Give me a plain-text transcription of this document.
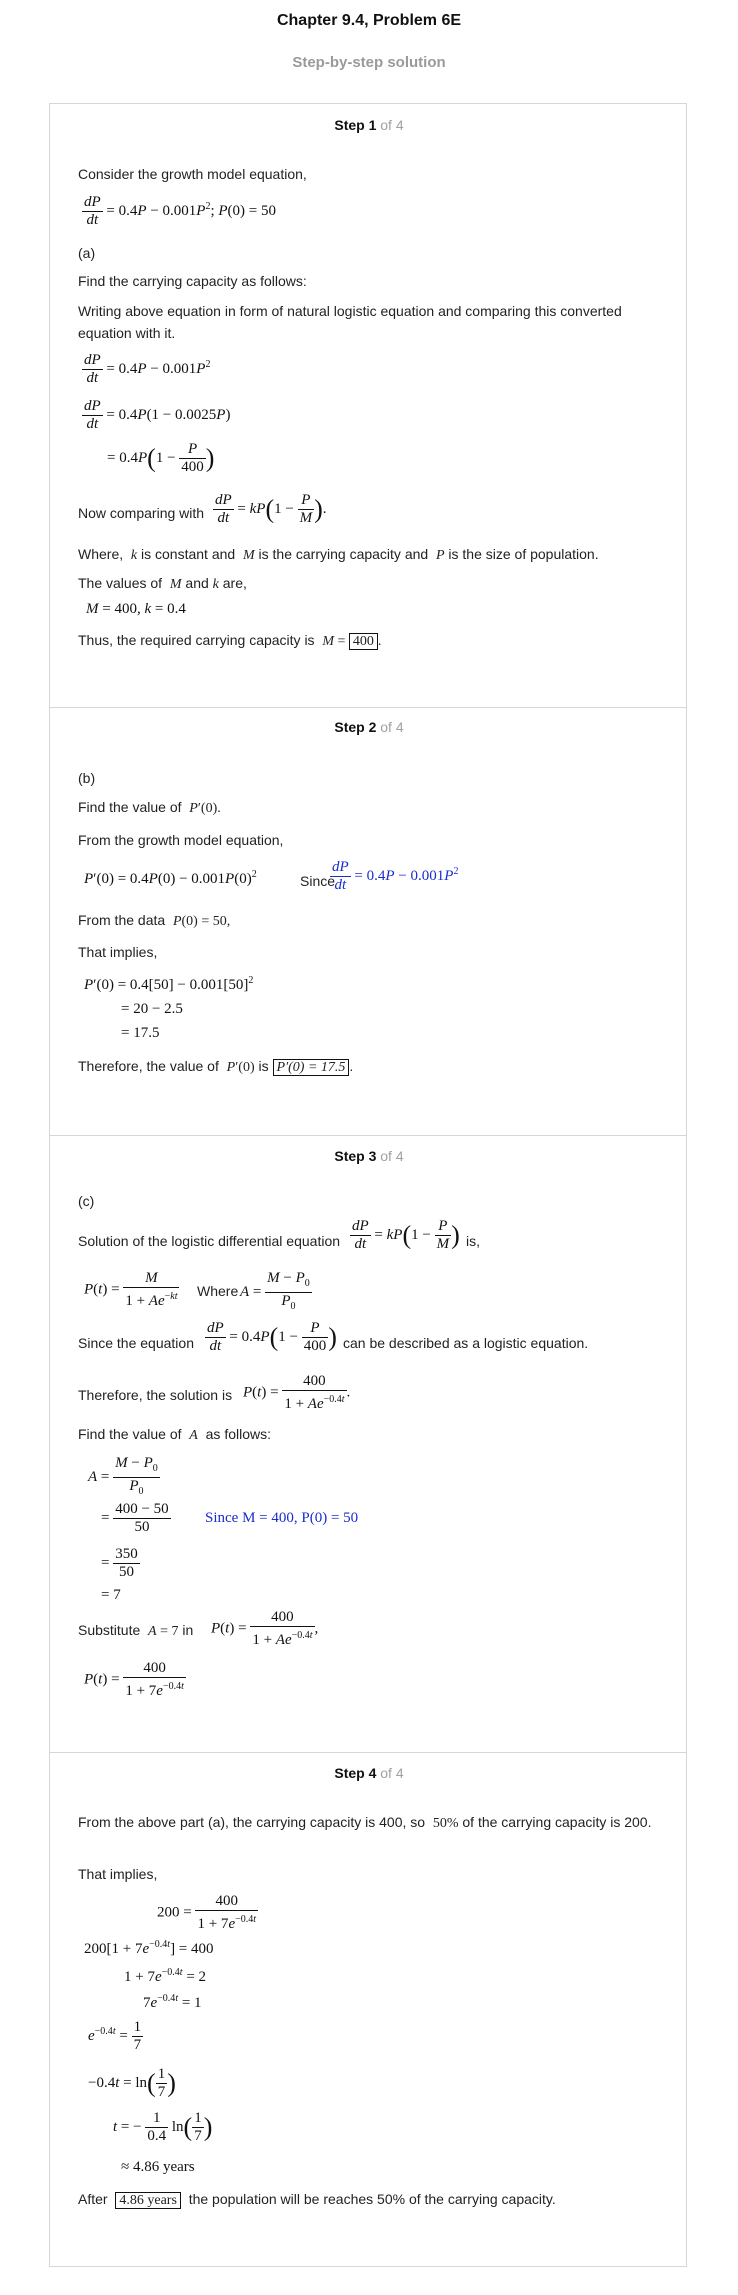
Chapter 9.4, Problem 6E
Step-by-step solution
Step 1 of 4
Consider the growth model equation,
$\frac{dP}{dt} = 0.4P - 0.001P^2$; P(0) = 50
(a)
Find the carrying capacity as follows:
Writing above equation in form of natural logistic equation and comparing this converted equation with it.
$\frac{dP}{dt} = 0.4P - 0.001P^2$
$\frac{dP}{dt} = 0.4P(1 - 0.0025P)$
= $0.4P(1 - \frac{P}{400}$ )
Now comparing with $\frac{dP}{dt} = kP(1 - \frac{P}{M}$ ).
Where, k is constant and M is the carrying capacity and P is the size of population.
The values of M and k are,
M = 400, k = 0.4
Thus, the required carrying capacity is M = 400 .
Step 2 of 4
(b)
Find the value of P′(0).
From the growth model equation,
$P'(0) = 0.4P(0) - 0.001P(0)^2$	Since
$\frac{dP}{dt} = 0.4P - 0.001P^2$
From the data P(0) = 50,
That implies,
$P'(0) = 0.4[50] - 0.001[50]^2$
= 20 − 2.5
= 17.5
Therefore, the value of P′(0) is P′(0) = 17.5 .
Step 3 of 4
(c)
Solution of the logistic differential equation $\frac{dP}{dt} = kP(1 - \frac{P}{M}$ ) is,
$P(t) = \frac{M}{1 + Ae^{-kt}}$ Where $A = \frac{M - P_0}{P_0}$
Since the equation $\frac{dP}{dt} = 0.4P(1 - \frac{P}{400}$ ) can be described as a logistic equation.
Therefore, the solution is $P(t) = \frac{400}{1 + Ae^{-0.4t}}$ .
Find the value of A as follows:
$A = \frac{M - P_0}{P_0}$
= $\frac{400 - 50}{50}$ Since M = 400, P(0) = 50
= $\frac{350}{50}$
= 7
Substitute A = 7 in $P(t) = \frac{400}{1 + Ae^{-0.4t}}$ ,
$P(t) = \frac{400}{1 + 7e^{-0.4t}}$
Step 4 of 4
From the above part (a), the carrying capacity is 400, so 50% of the carrying capacity is 200.
That implies,
$200 = \frac{400}{1 + 7e^{-0.4t}}$
$200[1 + 7e^{-0.4t}] = 400$
$1 + 7e^{-0.4t} = 2$
$7e^{-0.4t} = 1$
$e^{-0.4t} = \frac{1}{7}$
$-0.4t = \ln( \frac{1}{7}$ )
t = − $\frac{1}{0.4} \ln( \frac{1}{7}$ )
≈ 4.86 years
After 4.86 years the population will be reaches 50% of the carrying capacity.
